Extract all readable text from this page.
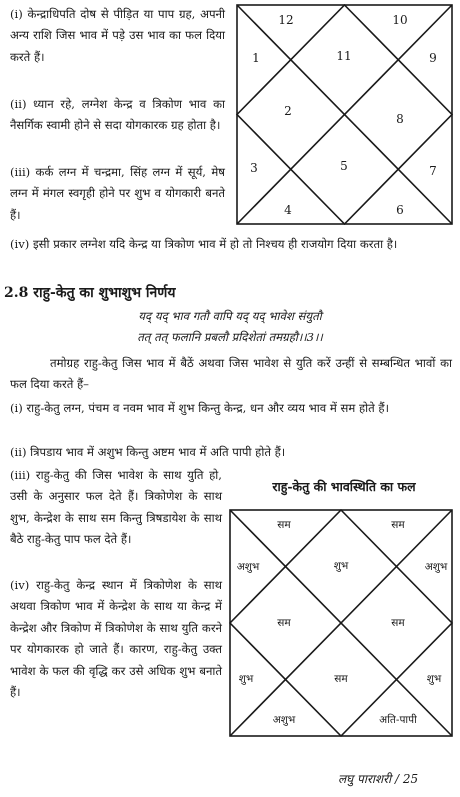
(i) केन्द्राधिपति दोष से पीड़ित या पाप ग्रह, अपनी अन्य राशि जिस भाव में पड़े उस भाव का फल दिया करते हैं।

(ii) ध्यान रहे, लग्नेश केन्द्र व त्रिकोण भाव का नैसर्गिक स्वामी होने से सदा योगकारक ग्रह होता है।

(iii) कर्क लग्न में चन्द्रमा, सिंह लग्न में सूर्य, मेष लग्न में मंगल स्वगृही होने पर शुभ व योगकारी बनते हैं।

11
2
5
8
12
1
3
4	6
7
9
10

(iv) इसी प्रकार लग्नेश यदि केन्द्र या त्रिकोण भाव में हो तो निश्चय ही राजयोग दिया करता है।

2.8 राहु-केतु का शुभाशुभ निर्णय
यद् यद् भाव गतौ वापि यद् यद् भावेश संयुतौ
तत् तत् फलानि प्रबलौ प्रदिशेतां तमग्रहौ।।3।।

तमोग्रह राहु-केतु जिस भाव में बैठें अथवा जिस भावेश से युति करें उन्हीं से सम्बन्धित भावों का फल दिया करते हैं–

(i) राहु-केतु लग्न, पंचम व नवम भाव में शुभ किन्तु केन्द्र, धन और व्यय भाव में सम होते हैं।

(ii) त्रिपडाय भाव में अशुभ किन्तु अष्टम भाव में अति पापी होते हैं।

(iii) राहु-केतु की जिस भावेश के साथ युति हो, उसी के अनुसार फल देते हैं। त्रिकोणेश के साथ शुभ, केन्द्रेश के साथ सम किन्तु त्रिषडायेश के साथ बैठे राहु-केतु पाप फल देते हैं।

(iv) राहु-केतु केन्द्र स्थान में त्रिकोणेश के साथ अथवा त्रिकोण भाव में केन्द्रेश के साथ या केन्द्र में केन्द्रेश और त्रिकोण में त्रिकोणेश के साथ युति करने पर योगकारक हो जाते हैं। कारण, राहु-केतु उक्त भावेश के फल की वृद्धि कर उसे अधिक शुभ बनाते हैं।

राहु-केतु की भावस्थिति का फल
शुभ
सम
अशुभ
सम
शुभ
अशुभ
सम
अति-पापी
शुभ
सम
अशुभ
सम
लघु पाराशरी / 25
